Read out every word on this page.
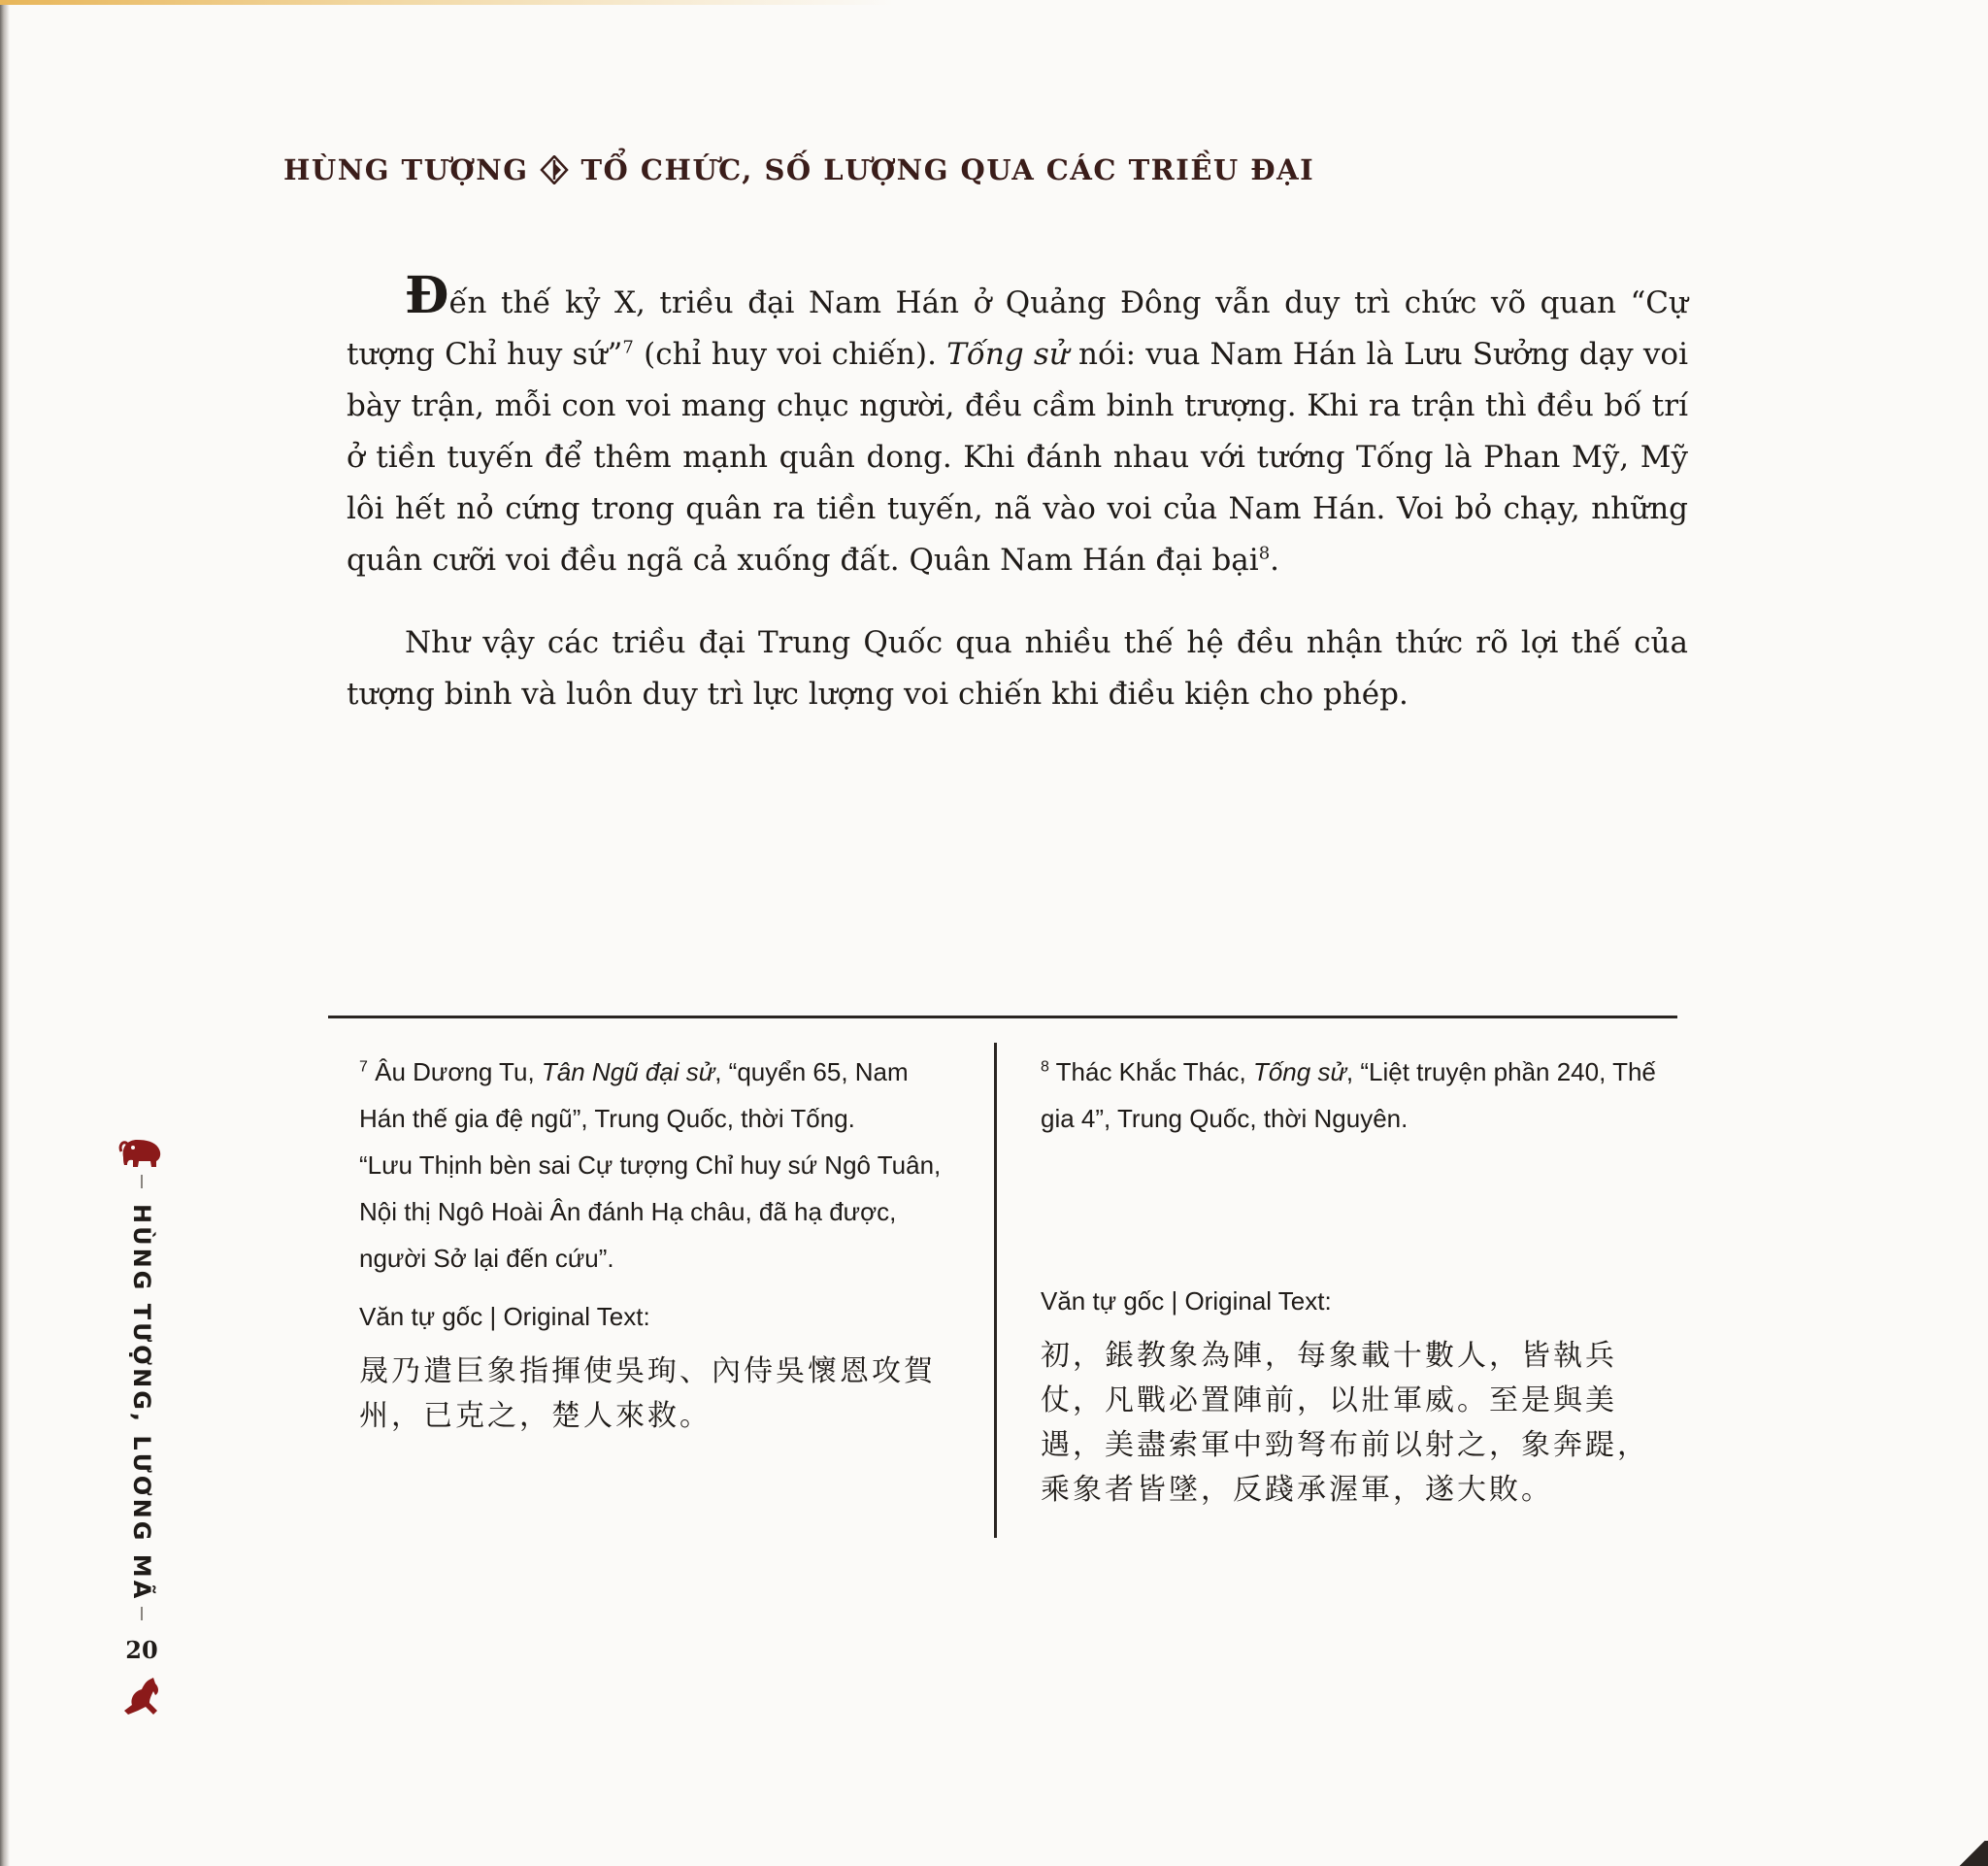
HÙNG TƯỢNG TỔ CHỨC, SỐ LƯỢNG QUA CÁC TRIỀU ĐẠI

Đến thế kỷ X, triều đại Nam Hán ở Quảng Đông vẫn duy trì chức võ quan “Cự tượng Chỉ huy sứ”$^7$ (chỉ huy voi chiến). Tống sử nói: vua Nam Hán là Lưu Sưởng dạy voi bày trận, mỗi con voi mang chục người, đều cầm binh trượng. Khi ra trận thì đều bố trí ở tiền tuyến để thêm mạnh quân dong. Khi đánh nhau với tướng Tống là Phan Mỹ, Mỹ lôi hết nỏ cứng trong quân ra tiền tuyến, nã vào voi của Nam Hán. Voi bỏ chạy, những quân cưỡi voi đều ngã cả xuống đất. Quân Nam Hán đại bại$^8$.

Như vậy các triều đại Trung Quốc qua nhiều thế hệ đều nhận thức rõ lợi thế của tượng binh và luôn duy trì lực lượng voi chiến khi điều kiện cho phép.

$^7$ Âu Dương Tu, Tân Ngũ đại sử, “quyển 65, Nam Hán thế gia đệ ngũ”, Trung Quốc, thời Tống.

“Lưu Thịnh bèn sai Cự tượng Chỉ huy sứ Ngô Tuân, Nội thị Ngô Hoài Ân đánh Hạ châu, đã hạ được, người Sở lại đến cứu”.

Văn tự gốc | Original Text:

晟乃遣巨象指揮使吳珣、內侍吳懷恩攻賀州，已克之，楚人來救。

$^8$ Thác Khắc Thác, Tống sử, “Liệt truyện phần 240, Thế gia 4”, Trung Quốc, thời Nguyên.

Văn tự gốc | Original Text:

初，鋹教象為陣，每象載十數人，皆執兵仗，凡戰必置陣前，以壯軍威。至是與美遇，美盡索軍中勁弩布前以射之，象奔踶，乘象者皆墜，反踐承渥軍，遂大敗。

HÙNG TƯỢNG, LƯƠNG MÃ
20
